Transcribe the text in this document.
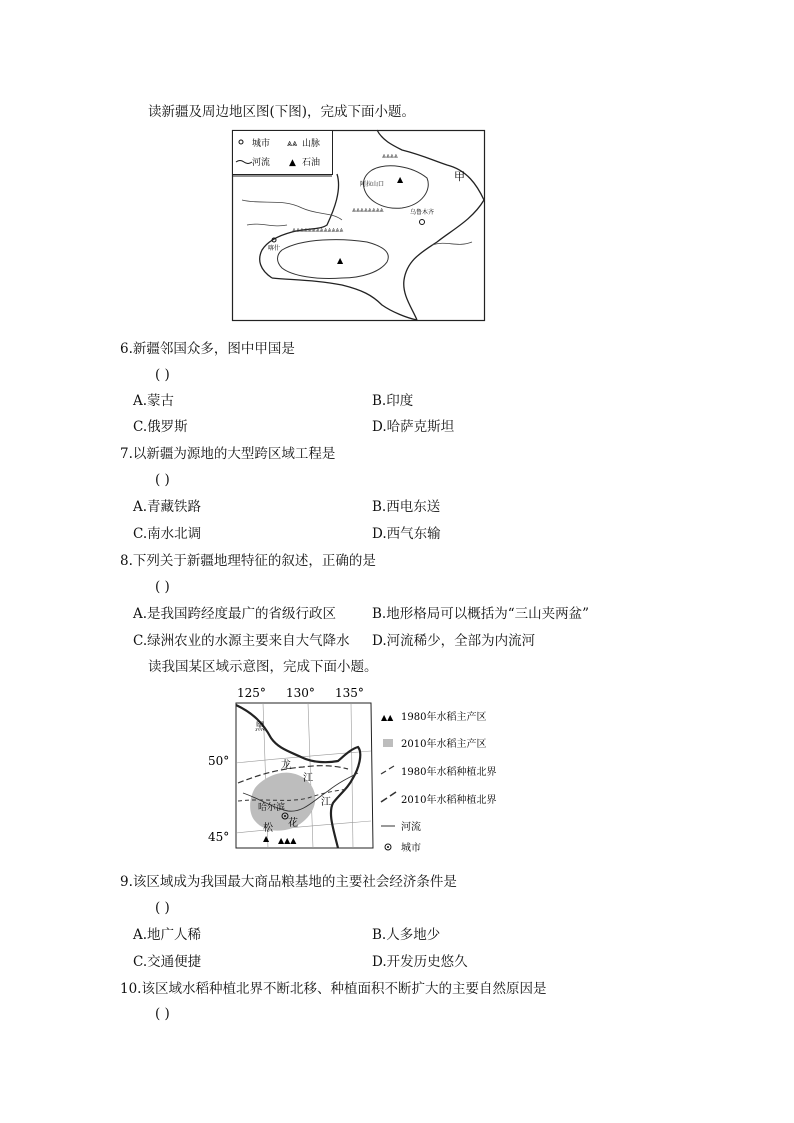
读新疆及周边地区图(下图)，完成下面小题。
城市 ⩓⩓ 山脉
河流 ▲ 石油
⩓⩓⩓⩓⩓⩓⩓⩓⩓⩓⩓⩓⩓
⩓⩓⩓⩓⩓⩓⩓⩓
⩓⩓⩓⩓
▲
▲
甲
阿拉山口
乌鲁木齐
喀什
6.新疆邻国众多，图中甲国是
( )
A.蒙古	B.印度
C.俄罗斯	D.哈萨克斯坦
7.以新疆为源地的大型跨区域工程是
( )
A.青藏铁路	B.西电东送
C.南水北调	D.西气东输
8.下列关于新疆地理特征的叙述，正确的是
( )
A.是我国跨经度最广的省级行政区	B.地形格局可以概括为“三山夹两盆”
C.绿洲农业的水源主要来自大气降水 D.河流稀少，全部为内流河
读我国某区域示意图，完成下面小题。
125° 130° 135°
50°
45°	▲▲▲
▲
哈尔滨
黑
龙
江
江
花
松
▲▲ 1980年水稻主产区
2010年水稻主产区
1980年水稻种植北界
2010年水稻种植北界
河流
城市
9.该区域成为我国最大商品粮基地的主要社会经济条件是
( )
A.地广人稀	B.人多地少
C.交通便捷	D.开发历史悠久
10.该区域水稻种植北界不断北移、种植面积不断扩大的主要自然原因是
( )
